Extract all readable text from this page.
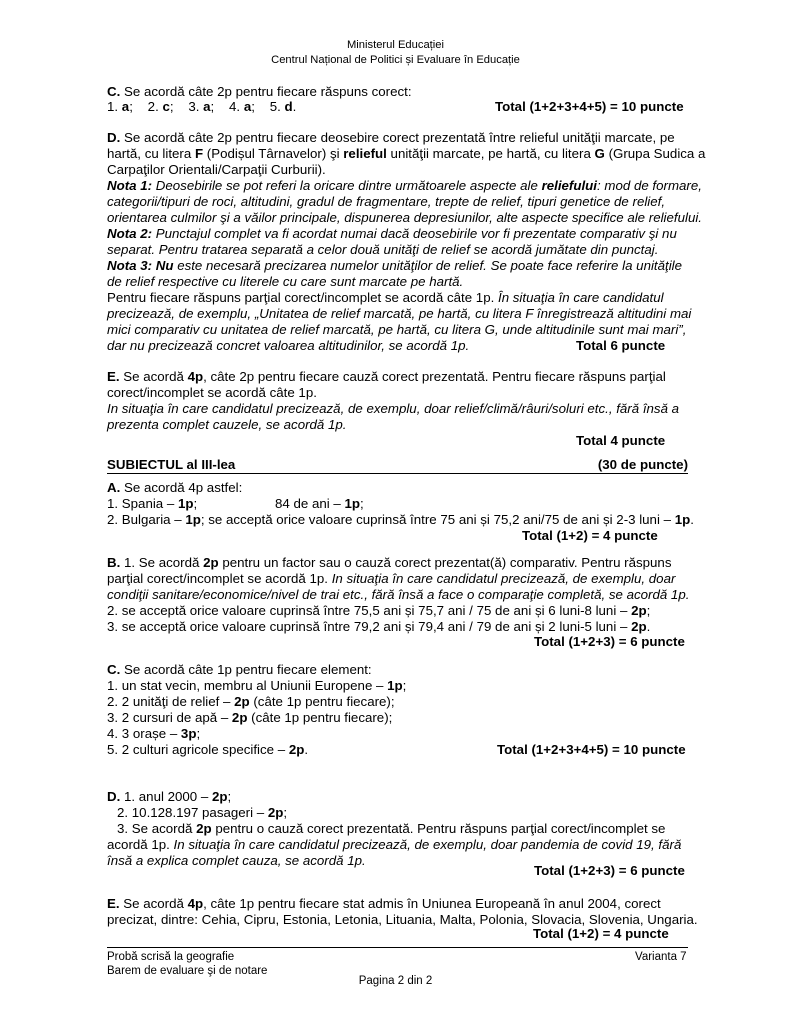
Ministerul Educației
Centrul Național de Politici și Evaluare în Educație
C. Se acordă câte 2p pentru fiecare răspuns corect:
1. a;    2. c;    3. a;    4. a;    5. d.	Total (1+2+3+4+5) = 10 puncte
D. Se acordă câte 2p pentru fiecare deosebire corect prezentată între relieful unităţii marcate, pe
hartă, cu litera F (Podișul Târnavelor) şi relieful unităţii marcate, pe hartă, cu litera G (Grupa Sudica a
Carpaţilor Orientali/Carpaţii Curburii).
Nota 1: Deosebirile se pot referi la oricare dintre următoarele aspecte ale reliefului: mod de formare,
categorii/tipuri de roci, altitudini, gradul de fragmentare, trepte de relief, tipuri genetice de relief,
orientarea culmilor şi a văilor principale, dispunerea depresiunilor, alte aspecte specifice ale reliefului.
Nota 2: Punctajul complet va fi acordat numai dacă deosebirile vor fi prezentate comparativ şi nu
separat. Pentru tratarea separată a celor două unităţi de relief se acordă jumătate din punctaj.
Nota 3: Nu este necesară precizarea numelor unităţilor de relief. Se poate face referire la unităţile
de relief respective cu literele cu care sunt marcate pe hartă.
Pentru fiecare răspuns parţial corect/incomplet se acordă câte 1p. În situaţia în care candidatul
precizează, de exemplu, „Unitatea de relief marcată, pe hartă, cu litera F înregistrează altitudini mai
mici comparativ cu unitatea de relief marcată, pe hartă, cu litera G, unde altitudinile sunt mai mari”,
dar nu precizează concret valoarea altitudinilor, se acordă 1p.	Total 6 puncte
E. Se acordă 4p, câte 2p pentru fiecare cauză corect prezentată. Pentru fiecare răspuns parţial
corect/incomplet se acordă câte 1p.
In situaţia în care candidatul precizează, de exemplu, doar relief/climă/râuri/soluri etc., fără însă a
prezenta complet cauzele, se acordă 1p.
Total 4 puncte
SUBIECTUL al III-lea	(30 de puncte)
A. Se acordă 4p astfel:
1. Spania – 1p;	84 de ani – 1p;
2. Bulgaria – 1p; se acceptă orice valoare cuprinsă între 75 ani și 75,2 ani/75 de ani și 2-3 luni – 1p.
Total (1+2) = 4 puncte
B. 1. Se acordă 2p pentru un factor sau o cauză corect prezentat(ă) comparativ. Pentru răspuns
parţial corect/incomplet se acordă 1p. In situaţia în care candidatul precizează, de exemplu, doar
condiţii sanitare/economice/nivel de trai etc., fără însă a face o comparaţie completă, se acordă 1p.
2. se acceptă orice valoare cuprinsă între 75,5 ani și 75,7 ani / 75 de ani și 6 luni-8 luni – 2p;
3. se acceptă orice valoare cuprinsă între 79,2 ani și 79,4 ani / 79 de ani și 2 luni-5 luni – 2p.
Total (1+2+3) = 6 puncte
C. Se acordă câte 1p pentru fiecare element:
1. un stat vecin, membru al Uniunii Europene – 1p;
2. 2 unităţi de relief – 2p (câte 1p pentru fiecare);
3. 2 cursuri de apă – 2p (câte 1p pentru fiecare);
4. 3 orașe – 3p;
5. 2 culturi agricole specifice – 2p.	Total (1+2+3+4+5) = 10 puncte
D. 1. anul 2000 – 2p;
2. 10.128.197 pasageri – 2p;
3. Se acordă 2p pentru o cauză corect prezentată. Pentru răspuns parţial corect/incomplet se
acordă 1p. In situaţia în care candidatul precizează, de exemplu, doar pandemia de covid 19, fără
însă a explica complet cauza, se acordă 1p.
Total (1+2+3) = 6 puncte
E. Se acordă 4p, câte 1p pentru fiecare stat admis în Uniunea Europeană în anul 2004, corect
precizat, dintre: Cehia, Cipru, Estonia, Letonia, Lituania, Malta, Polonia, Slovacia, Slovenia, Ungaria.
Total (1+2) = 4 puncte
Probă scrisă la geografie
Barem de evaluare şi de notare
Varianta 7
Pagina 2 din 2
